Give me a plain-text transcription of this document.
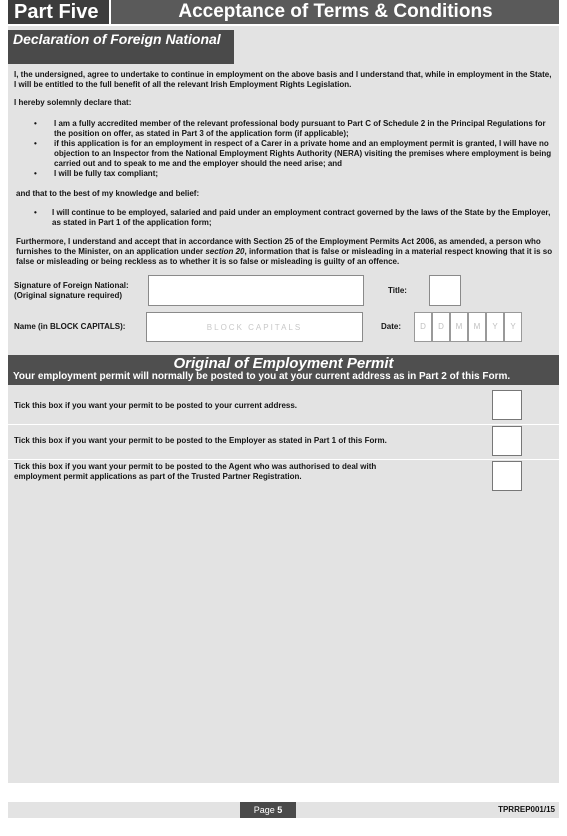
Part Five	Acceptance of Terms & Conditions
Declaration of Foreign National
I, the undersigned, agree to undertake to continue in employment on the above basis and I understand that, while in employment in the State, I will be entitled to the full benefit of all the relevant Irish Employment Rights Legislation.
I hereby solemnly declare that:
• I am a fully accredited member of the relevant professional body pursuant to Part C of Schedule 2 in the Principal Regulations for the position on offer, as stated in Part 3 of the application form (if applicable);
• if this application is for an employment in respect of a Carer in a private home and an employment permit is granted, I will have no objection to an Inspector from the National Employment Rights Authority (NERA) visiting the premises where employment is being carried out and to speak to me and the employer should the need arise; and
• I will be fully tax compliant;
and that to the best of my knowledge and belief:
• I will continue to be employed, salaried and paid under an employment contract governed by the laws of the State by the Employer, as stated in Part 1 of the application form;
Furthermore, I understand and accept that in accordance with Section 25 of the Employment Permits Act 2006, as amended, a person who furnishes to the Minister, on an application under section 20, information that is false or misleading in a material respect knowing that it is so false or misleading or being reckless as to whether it is so false or misleading is guilty of an offence.
Signature of Foreign National:
(Original signature required)
Title:
Name (in BLOCK CAPITALS):	BLOCK CAPITALS	Date:	D	D	M	M	Y	Y
Original of Employment Permit
Your employment permit will normally be posted to you at your current address as in Part 2 of this Form.
Tick this box if you want your permit to be posted to your current address.
Tick this box if you want your permit to be posted to the Employer as stated in Part 1 of this Form.
Tick this box if you want your permit to be posted to the Agent who was authorised to deal with employment permit applications as part of the Trusted Partner Registration.
Page 5	TPRREP001/15
